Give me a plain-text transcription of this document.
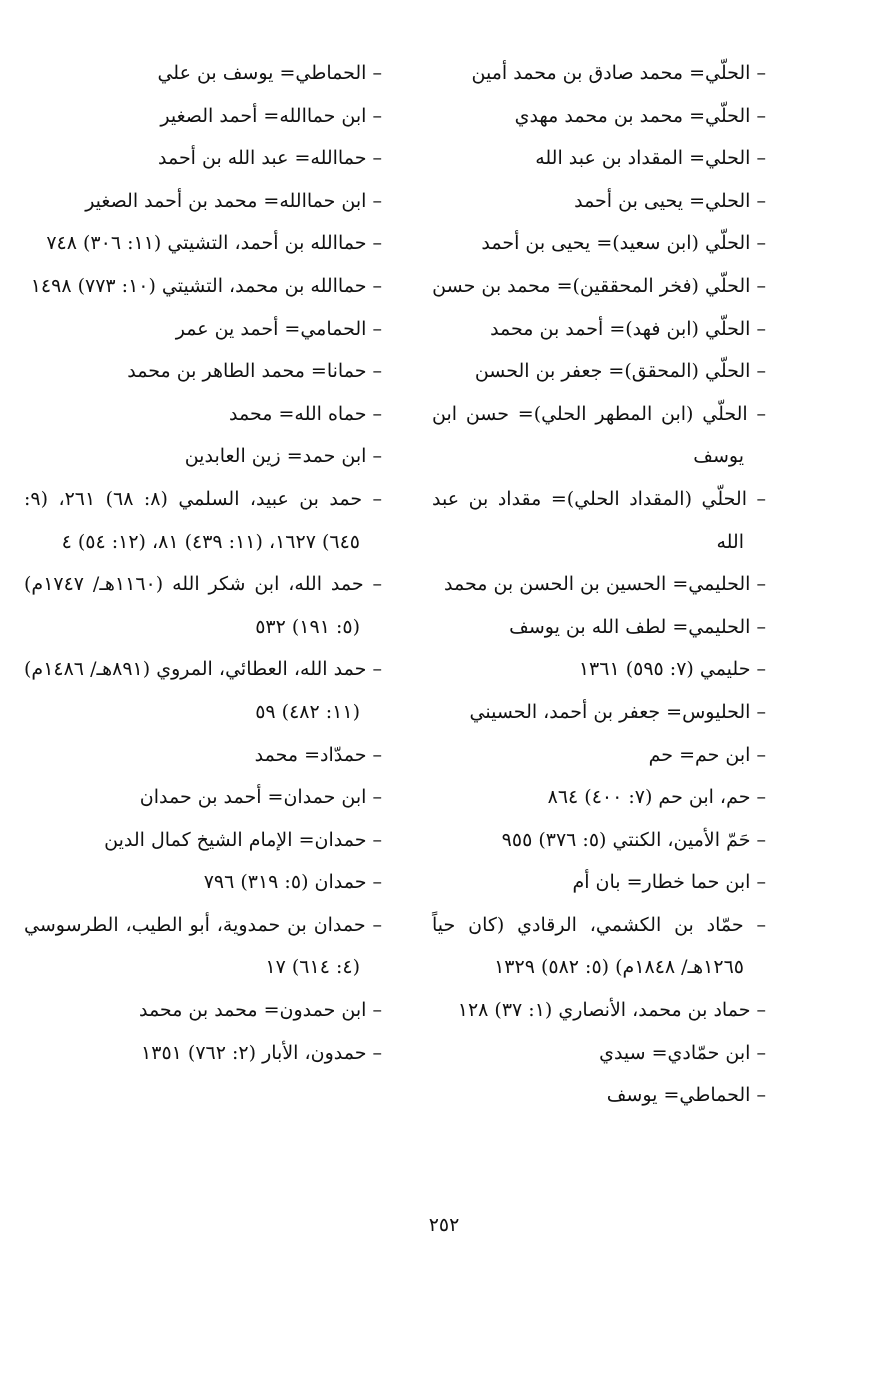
– الحلّي= محمد صادق بن محمد أمين

– الحلّي= محمد بن محمد مهدي

– الحلي= المقداد بن عبد الله

– الحلي= يحيى بن أحمد

– الحلّي (ابن سعيد)= يحيى بن أحمد

– الحلّي (فخر المحققين)= محمد بن حسن

– الحلّي (ابن فهد)= أحمد بن محمد

– الحلّي (المحقق)= جعفر بن الحسن

– الحلّي (ابن المطهر الحلي)= حسن ابن يوسف

– الحلّي (المقداد الحلي)= مقداد بن عبد الله

– الحليمي= الحسين بن الحسن بن محمد

– الحليمي= لطف الله بن يوسف

– حليمي (٧: ٥٩٥) ١٣٦١

– الحليوس= جعفر بن أحمد، الحسيني

– ابن حم= حم

– حم، ابن حم (٧: ٤٠٠) ٨٦٤

– حَمّ الأمين، الكنتي (٥: ٣٧٦) ٩٥٥

– ابن حما خطار= بان أم

– حمّاد بن الكشمي، الرقادي (كان حياً ١٢٦٥هـ/ ١٨٤٨م) (٥: ٥٨٢) ١٣٢٩

– حماد بن محمد، الأنصاري (١: ٣٧) ١٢٨

– ابن حمّادي= سيدي

– الحماطي= يوسف

– الحماطي= يوسف بن علي

– ابن حماالله= أحمد الصغير

– حماالله= عبد الله بن أحمد

– ابن حماالله= محمد بن أحمد الصغير

– حماالله بن أحمد، التشيتي (١١: ٣٠٦) ٧٤٨

– حماالله بن محمد، التشيتي (١٠: ٧٧٣) ١٤٩٨

– الحمامي= أحمد ين عمر

– حمانا= محمد الطاهر بن محمد

– حماه الله= محمد

– ابن حمد= زين العابدين

– حمد بن عبيد، السلمي (٨: ٦٨) ٢٦١، (٩: ٦٤٥) ١٦٢٧، (١١: ٤٣٩) ٨١، (١٢: ٥٤) ٤

– حمد الله، ابن شكر الله (١١٦٠هـ/ ١٧٤٧م) (٥: ١٩١) ٥٣٢

– حمد الله، العطائي، المروي (٨٩١هـ/ ١٤٨٦م) (١١: ٤٨٢) ٥٩

– حمدّاد= محمد

– ابن حمدان= أحمد بن حمدان

– حمدان= الإمام الشيخ كمال الدين

– حمدان (٥: ٣١٩) ٧٩٦

– حمدان بن حمدوية، أبو الطيب، الطرسوسي (٤: ٦١٤) ١٧

– ابن حمدون= محمد بن محمد

– حمدون، الأبار (٢: ٧٦٢) ١٣٥١

٢٥٢
